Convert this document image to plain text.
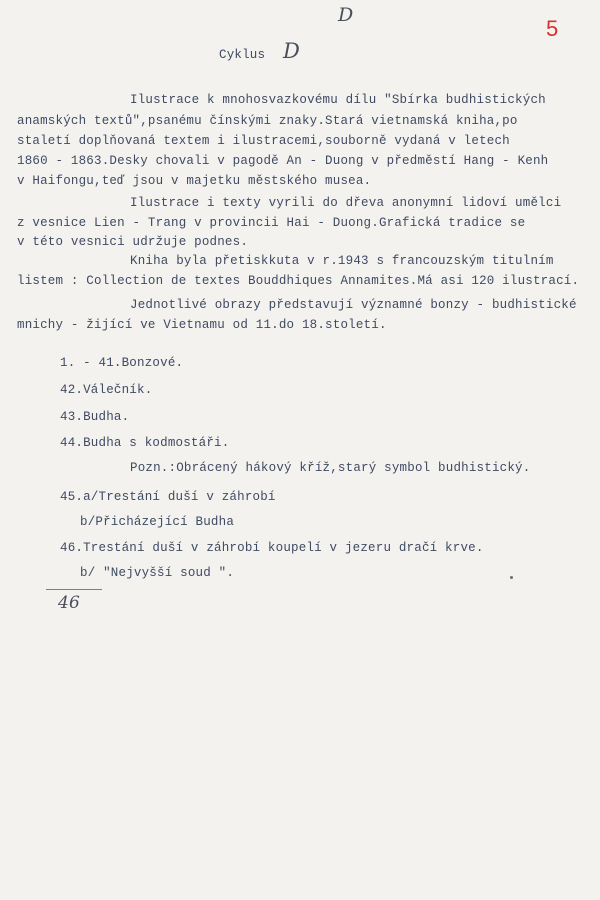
D
5
Cyklus D
Ilustrace k mnohosvazkovému dílu "Sbírka budhistických
anamských textů",psanému čínskými znaky.Stará vietnamská kniha,po
staletí doplňovaná textem i ilustracemi,souborně vydaná v letech
1860 - 1863.Desky chovali v pagodě An - Duong v předměstí Hang - Kenh
v Haifongu,teď jsou v majetku městského musea.
Ilustrace i texty vyrili do dřeva anonymní lidoví umělci
z vesnice Lien - Trang v provincii Hai - Duong.Grafická tradice se
v této vesnici udržuje podnes.
Kniha byla přetiskkuta v r.1943 s francouzským titulním
listem : Collection de textes Bouddhiques Annamites.Má asi 120 ilustrací.
Jednotlivé obrazy představují významné bonzy - budhistické
mnichy - žijící ve Vietnamu od 11.do 18.století.
1. - 41.Bonzové.
42.Válečník.
43.Budha.
44.Budha s kodmostáři.
Pozn.:Obrácený hákový kříž,starý symbol budhistický.
45.a/Trestání duší v záhrobí
b/Přicházející Budha
46.Trestání duší v záhrobí koupelí v jezeru dračí krve.
b/ "Nejvyšší soud ".
46
